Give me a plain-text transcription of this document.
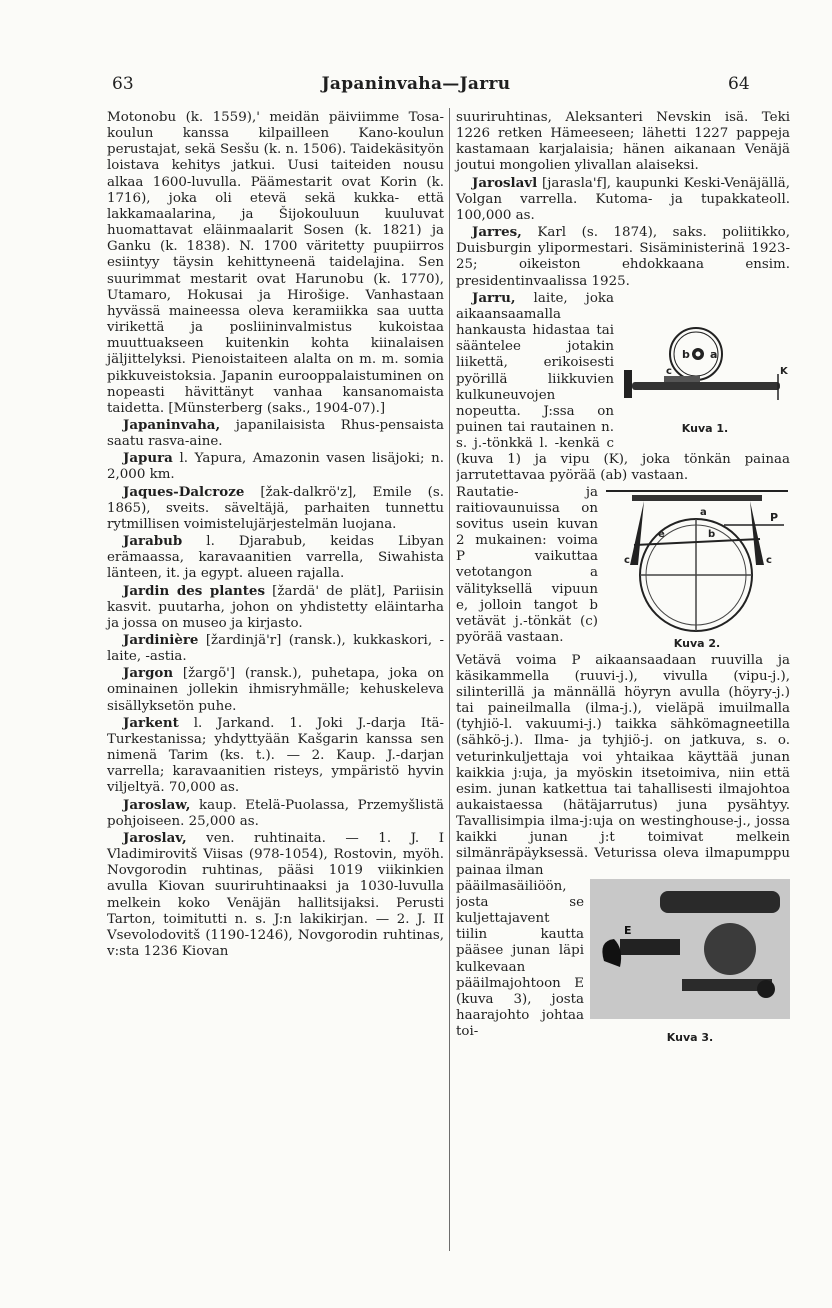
63	Japaninvaha—Jarru	64

Motonobu (k. 1559),' meidän päiviimme Tosa-koulun kanssa kilpailleen Kano-koulun perustajat, sekä Sesšu (k. n. 1506). Taidekäsityön loistava kehitys jatkui. Uusi taiteiden nousu alkaa 1600-luvulla. Päämestarit ovat Korin (k. 1716), joka oli etevä sekä kukka- että lakkamaalarina, ja Šijokouluun kuuluvat huomattavat eläinmaalarit Sosen (k. 1821) ja Ganku (k. 1838). N. 1700 väritetty puupiirros esiintyy täysin kehittyneenä taidelajina. Sen suurimmat mestarit ovat Harunobu (k. 1770), Utamaro, Hokusai ja Hirošige. Vanhastaan hyvässä maineessa oleva keramiikka saa uutta virikettä ja posliininvalmistus kukoistaa muuttuakseen kuitenkin kohta kiinalaisen jäljittelyksi. Pienoistaiteen alalta on m. m. somia pikkuveistoksia. Japanin eurooppalaistuminen on nopeasti hävittänyt vanhaa kansanomaista taidetta. [Münsterberg (saks., 1904-07).]

Japaninvaha, japanilaisista Rhus-pensaista saatu rasva-aine.

Japura l. Yapura, Amazonin vasen lisäjoki; n. 2,000 km.

Jaques-Dalcroze [žak-dalkrö'z], Emile (s. 1865), sveits. säveltäjä, parhaiten tunnettu rytmillisen voimistelujärjestelmän luojana.

Jarabub l. Djarabub, keidas Libyan erämaassa, karavaanitien varrella, Siwahista länteen, it. ja egypt. alueen rajalla.

Jardin des plantes [žardä' de plät], Pariisin kasvit. puutarha, johon on yhdistetty eläintarha ja jossa on museo ja kirjasto.

Jardinière [žardinjä'r] (ransk.), kukkaskori, -laite, -astia.

Jargon [žargõ'] (ransk.), puhetapa, joka on ominainen jollekin ihmisryhmälle; kehuskeleva sisällyksetön puhe.

Jarkent l. Jarkand. 1. Joki J.-darja Itä-Turkestanissa; yhdyttyään Kašgarin kanssa sen nimenä Tarim (ks. t.). — 2. Kaup. J.-darjan varrella; karavaanitien risteys, ympäristö hyvin viljeltyä. 70,000 as.

Jaroslaw, kaup. Etelä-Puolassa, Przemyšlistä pohjoiseen. 25,000 as.

Jaroslav, ven. ruhtinaita. — 1. J. I Vladimirovitš Viisas (978-1054), Rostovin, myöh. Novgorodin ruhtinas, pääsi 1019 viikinkien avulla Kiovan suuriruhtinaaksi ja 1030-luvulla melkein koko Venäjän hallitsijaksi. Perusti Tarton, toimitutti n. s. J:n lakikirjan. — 2. J. II Vsevolodovitš (1190-1246), Novgorodin ruhtinas, v:sta 1236 Kiovan

suuriruhtinas, Aleksanteri Nevskin isä. Teki 1226 retken Hämeeseen; lähetti 1227 pappeja kastamaan karjalaisia; hänen aikanaan Venäjä joutui mongolien ylivallan alaiseksi.

Jaroslavl [jarasla'f], kaupunki Keski-Venäjällä, Volgan varrella. Kutoma- ja tupakkateoll. 100,000 as.

Jarres, Karl (s. 1874), saks. poliitikko, Duisburgin ylipormestari. Sisäministerinä 1923-25; oikeiston ehdokkaana ensim. presidentinvaalissa 1925.

b a
c	K
Kuva 1.

Jarru, laite, joka aikaansaamalla hankausta hidastaa tai sääntelee jotakin liikettä, erikoisesti pyörillä liikkuvien kulkuneuvojen nopeutta. J:ssa on puinen tai rautainen n. s. j.-tönkkä l. -kenkä c (kuva 1) ja vipu (K), joka tönkän painaa jarrutettavaa pyörää (ab) vastaan.

a	P
c	c
e	b
Kuva 2.

Rautatie- ja raitiovaunuissa on sovitus usein kuvan 2 mukainen: voima P vaikuttaa vetotangon a välityksellä vipuun e, jolloin tangot b vetävät j.-tönkät (c) pyörää vastaan.

Vetävä voima P aikaansaadaan ruuvilla ja käsikammella (ruuvi-j.), vivulla (vipu-j.), silinterillä ja männällä höyryn avulla (höyry-j.) tai paineilmalla (ilma-j.), vieläpä imuilmalla (tyhjiö-l. vakuumi-j.) taikka sähkömagneetilla (sähkö-j.). Ilma- ja tyhjiö-j. on jatkuva, s. o. veturinkuljettaja voi yhtaikaa käyttää junan kaikkia j:uja, ja myöskin itsetoimiva, niin että esim. junan katkettua tai tahallisesti ilmajohtoa aukaistaessa (hätäjarrutus) juna pysähtyy. Tavallisimpia ilma-j:uja on westinghouse-j., jossa kaikki junan j:t toimivat melkein silmänräpäyksessä. Veturissa oleva ilmapumppu painaa ilman

E
Kuva 3.

pääilmasäiliöön, josta se kuljettajavent tiilin kautta pääsee junan läpi kulkevaan pääilmajohtoon E (kuva 3), josta haarajohto johtaa toi-
